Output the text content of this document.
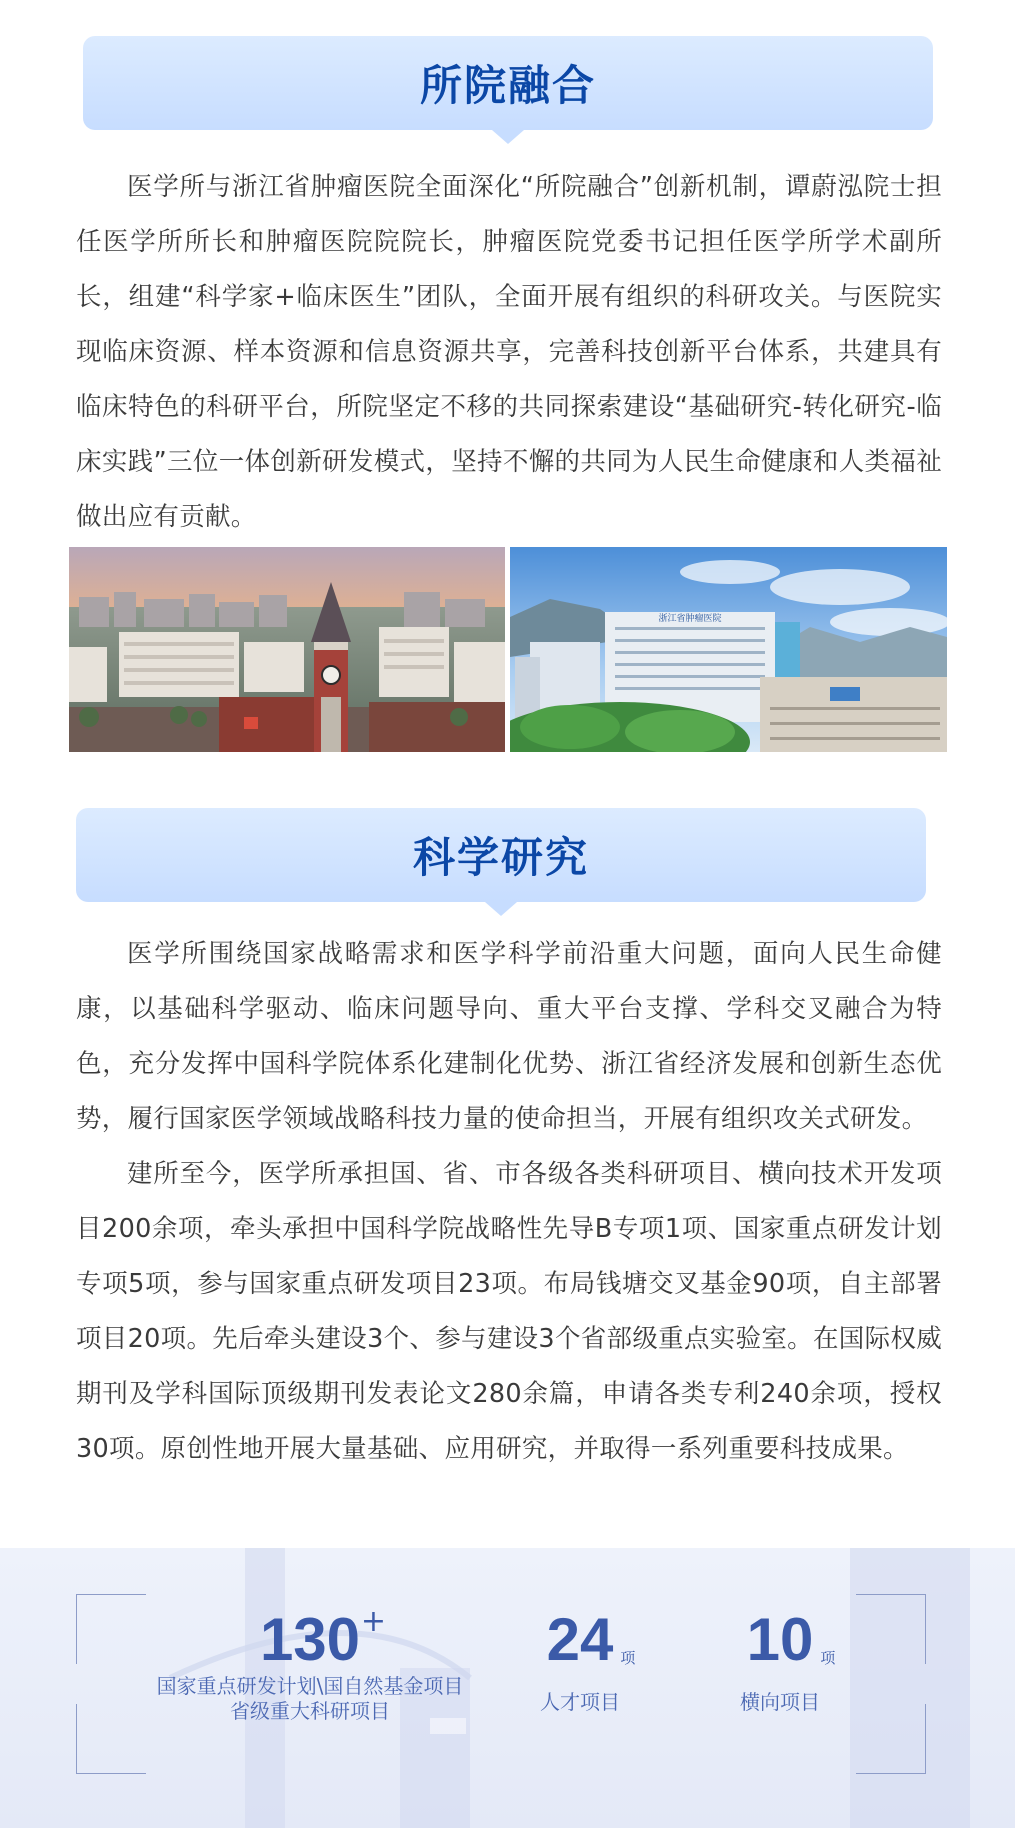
所院融合

医学所与浙江省肿瘤医院全面深化“所院融合”创新机制，谭蔚泓院士担任医学所所长和肿瘤医院院院长，肿瘤医院党委书记担任医学所学术副所长，组建“科学家+临床医生”团队，全面开展有组织的科研攻关。与医院实现临床资源、样本资源和信息资源共享，完善科技创新平台体系，共建具有临床特色的科研平台，所院坚定不移的共同探索建设“基础研究-转化研究-临床实践”三位一体创新研发模式，坚持不懈的共同为人民生命健康和人类福祉做出应有贡献。

浙江省肿瘤医院
科学研究

医学所围绕国家战略需求和医学科学前沿重大问题，面向人民生命健康，以基础科学驱动、临床问题导向、重大平台支撑、学科交叉融合为特色，充分发挥中国科学院体系化建制化优势、浙江省经济发展和创新生态优势，履行国家医学领域战略科技力量的使命担当，开展有组织攻关式研发。

建所至今，医学所承担国、省、市各级各类科研项目、横向技术开发项目200余项，牵头承担中国科学院战略性先导B专项1项、国家重点研发计划专项5项，参与国家重点研发项目23项。布局钱塘交叉基金90项，自主部署项目20项。先后牵头建设3个、参与建设3个省部级重点实验室。在国际权威期刊及学科国际顶级期刊发表论文280余篇，申请各类专利240余项，授权30项。原创性地开展大量基础、应用研究，并取得一系列重要科技成果。

130 +
国家重点研发计划\国自然基金项目
省级重大科研项目
24 项
人才项目
10 项
横向项目
